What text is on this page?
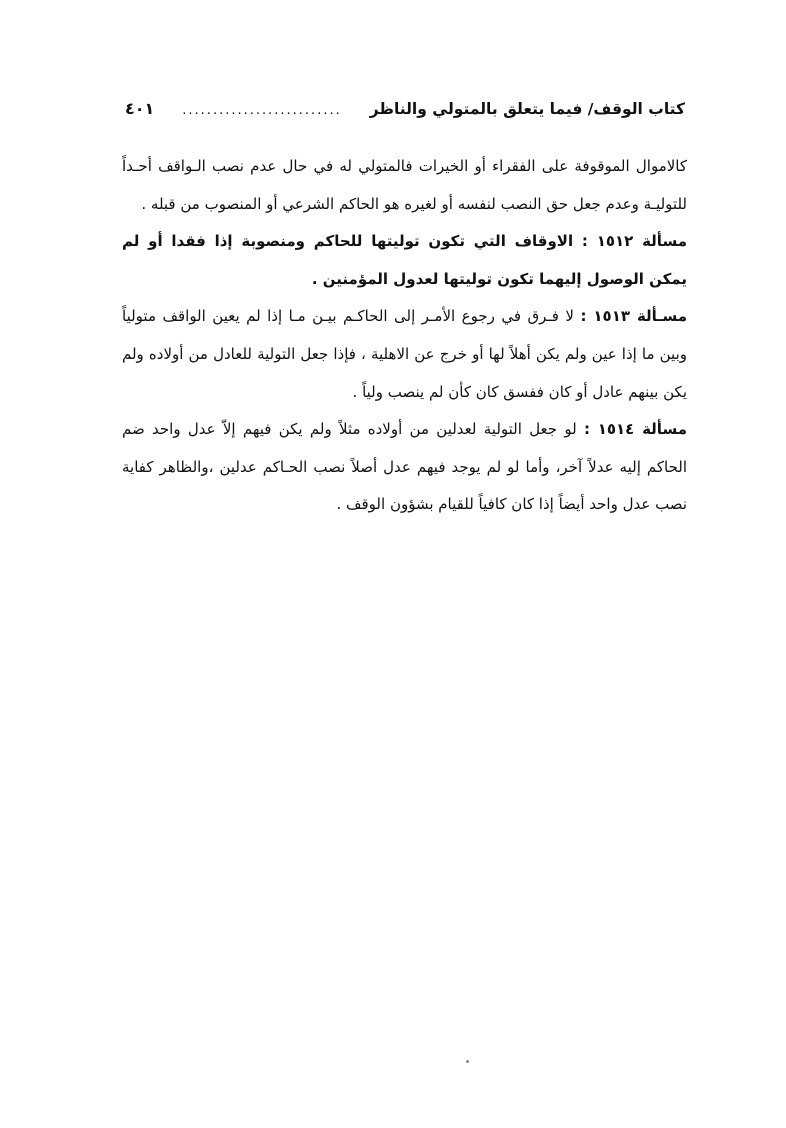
كتاب الوقف/ فيما يتعلق بالمتولي والناظر
..........................
٤٠١

كالاموال الموقوفة على الفقراء أو الخيرات فالمتولي له في حال عدم نصب الـواقف أحـداً للتوليـة وعدم جعل حق النصب لنفسه أو لغيره هو الحاكم الشرعي أو المنصوب من قبله .

مسألة ١٥١٢ : الاوقاف التي تكون توليتها للحاكم ومنصوبة إذا فقدا أو لم يمكن الوصول إليهما تكون توليتها لعدول المؤمنين .

مسـألة ١٥١٣ : لا فـرق في رجوع الأمـر إلى الحاكـم بيـن مـا إذا لم يعين الواقف متولياً وبين ما إذا عين ولم يكن أهلاً لها أو خرج عن الاهلية ، فإذا جعل التولية للعادل من أولاده ولم يكن بينهم عادل أو كان ففسق كان كأن لم ينصب ولياً .

مسألة ١٥١٤ : لو جعل التولية لعدلين من أولاده مثلاً ولم يكن فيهم إلاّ عدل واحد ضم الحاكم إليه عدلاً آخر، وأما لو لم يوجد فيهم عدل أصلاً نصب الحـاكم عدلين ،والظاهر كفاية نصب عدل واحد أيضاً إذا كان كافياً للقيام بشؤون الوقف .
